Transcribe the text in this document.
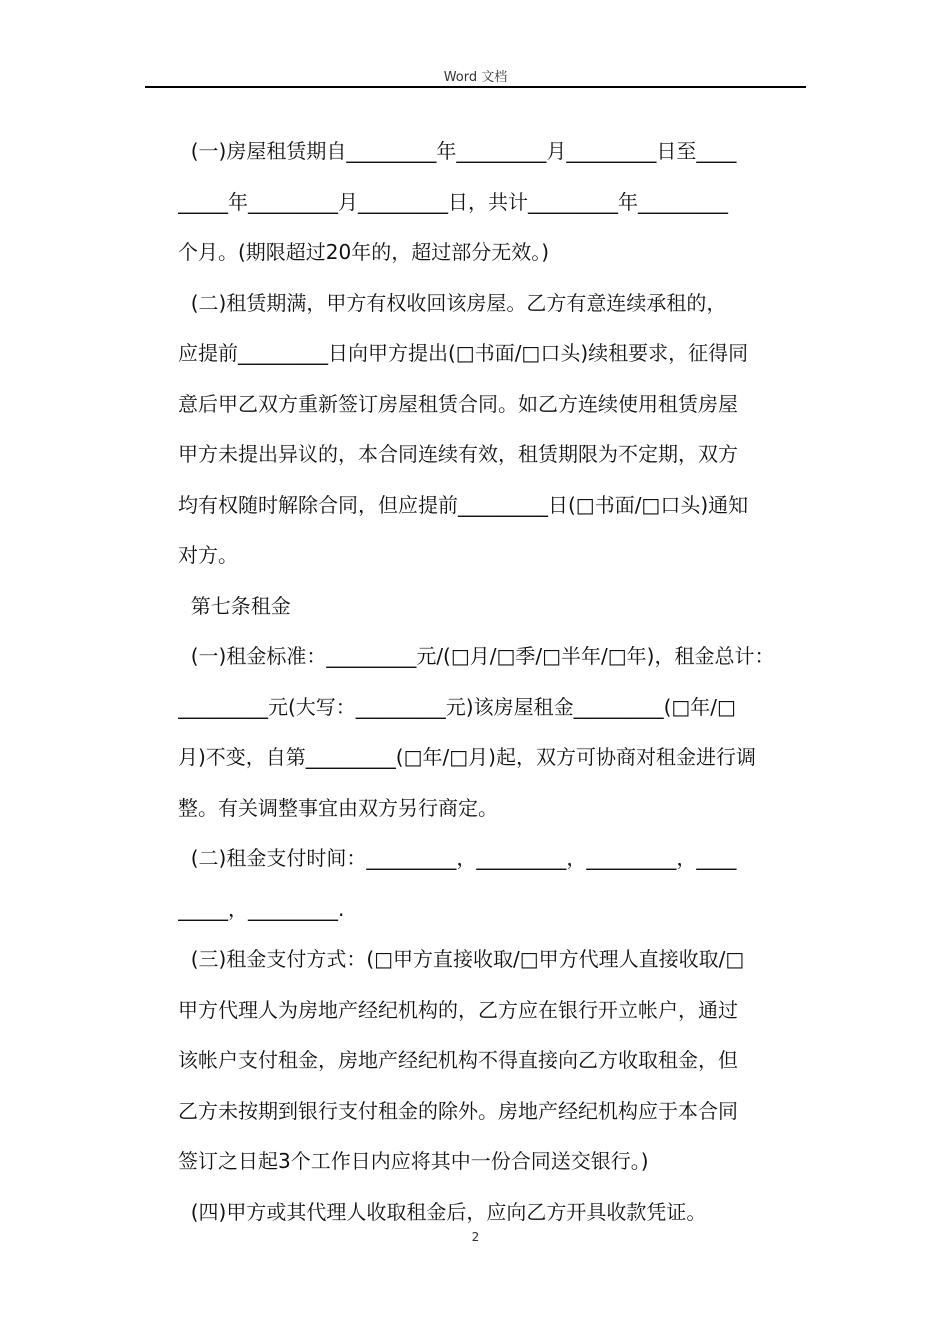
Word 文档
(一)房屋租赁期自_________年_________月_________日至____
_____年_________月_________日，共计_________年_________
个月。(期限超过20年的，超过部分无效。)
(二)租赁期满，甲方有权收回该房屋。乙方有意连续承租的，
应提前_________日向甲方提出(□书面/□口头)续租要求，征得同
意后甲乙双方重新签订房屋租赁合同。如乙方连续使用租赁房屋
甲方未提出异议的，本合同连续有效，租赁期限为不定期，双方
均有权随时解除合同，但应提前_________日(□书面/□口头)通知
对方。
第七条租金
(一)租金标准：_________元/(□月/□季/□半年/□年)，租金总计：
_________元(大写：_________元)该房屋租金_________(□年/□
月)不变，自第_________(□年/□月)起，双方可协商对租金进行调
整。有关调整事宜由双方另行商定。
(二)租金支付时间：_________，_________，_________，____
_____，_________.
(三)租金支付方式：(□甲方直接收取/□甲方代理人直接收取/□
甲方代理人为房地产经纪机构的，乙方应在银行开立帐户，通过
该帐户支付租金，房地产经纪机构不得直接向乙方收取租金，但
乙方未按期到银行支付租金的除外。房地产经纪机构应于本合同
签订之日起3个工作日内应将其中一份合同送交银行。)
(四)甲方或其代理人收取租金后，应向乙方开具收款凭证。
2
